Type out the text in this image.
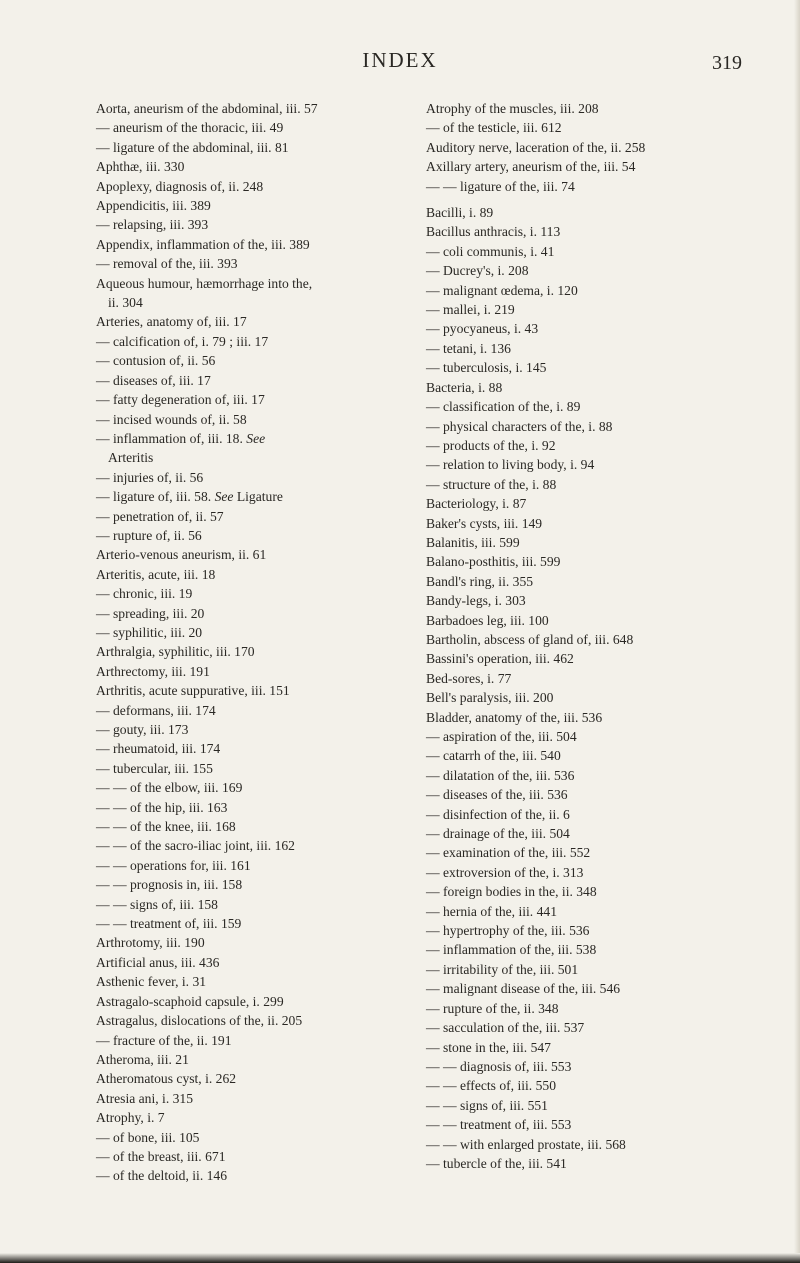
INDEX	319
Aorta, aneurism of the abdominal, iii. 57
— aneurism of the thoracic, iii. 49
— ligature of the abdominal, iii. 81
Aphthæ, iii. 330
Apoplexy, diagnosis of, ii. 248
Appendicitis, iii. 389
— relapsing, iii. 393
Appendix, inflammation of the, iii. 389
— removal of the, iii. 393
Aqueous humour, hæmorrhage into the,
ii. 304
Arteries, anatomy of, iii. 17
— calcification of, i. 79 ; iii. 17
— contusion of, ii. 56
— diseases of, iii. 17
— fatty degeneration of, iii. 17
— incised wounds of, ii. 58
— inflammation of, iii. 18. See
Arteritis
— injuries of, ii. 56
— ligature of, iii. 58. See Ligature
— penetration of, ii. 57
— rupture of, ii. 56
Arterio-venous aneurism, ii. 61
Arteritis, acute, iii. 18
— chronic, iii. 19
— spreading, iii. 20
— syphilitic, iii. 20
Arthralgia, syphilitic, iii. 170
Arthrectomy, iii. 191
Arthritis, acute suppurative, iii. 151
— deformans, iii. 174
— gouty, iii. 173
— rheumatoid, iii. 174
— tubercular, iii. 155
— — of the elbow, iii. 169
— — of the hip, iii. 163
— — of the knee, iii. 168
— — of the sacro-iliac joint, iii. 162
— — operations for, iii. 161
— — prognosis in, iii. 158
— — signs of, iii. 158
— — treatment of, iii. 159
Arthrotomy, iii. 190
Artificial anus, iii. 436
Asthenic fever, i. 31
Astragalo-scaphoid capsule, i. 299
Astragalus, dislocations of the, ii. 205
— fracture of the, ii. 191
Atheroma, iii. 21
Atheromatous cyst, i. 262
Atresia ani, i. 315
Atrophy, i. 7
— of bone, iii. 105
— of the breast, iii. 671
— of the deltoid, ii. 146
Atrophy of the muscles, iii. 208
— of the testicle, iii. 612
Auditory nerve, laceration of the, ii. 258
Axillary artery, aneurism of the, iii. 54
— — ligature of the, iii. 74
Bacilli, i. 89
Bacillus anthracis, i. 113
— coli communis, i. 41
— Ducrey's, i. 208
— malignant œdema, i. 120
— mallei, i. 219
— pyocyaneus, i. 43
— tetani, i. 136
— tuberculosis, i. 145
Bacteria, i. 88
— classification of the, i. 89
— physical characters of the, i. 88
— products of the, i. 92
— relation to living body, i. 94
— structure of the, i. 88
Bacteriology, i. 87
Baker's cysts, iii. 149
Balanitis, iii. 599
Balano-posthitis, iii. 599
Bandl's ring, ii. 355
Bandy-legs, i. 303
Barbadoes leg, iii. 100
Bartholin, abscess of gland of, iii. 648
Bassini's operation, iii. 462
Bed-sores, i. 77
Bell's paralysis, iii. 200
Bladder, anatomy of the, iii. 536
— aspiration of the, iii. 504
— catarrh of the, iii. 540
— dilatation of the, iii. 536
— diseases of the, iii. 536
— disinfection of the, ii. 6
— drainage of the, iii. 504
— examination of the, iii. 552
— extroversion of the, i. 313
— foreign bodies in the, ii. 348
— hernia of the, iii. 441
— hypertrophy of the, iii. 536
— inflammation of the, iii. 538
— irritability of the, iii. 501
— malignant disease of the, iii. 546
— rupture of the, ii. 348
— sacculation of the, iii. 537
— stone in the, iii. 547
— — diagnosis of, iii. 553
— — effects of, iii. 550
— — signs of, iii. 551
— — treatment of, iii. 553
— — with enlarged prostate, iii. 568
— tubercle of the, iii. 541
